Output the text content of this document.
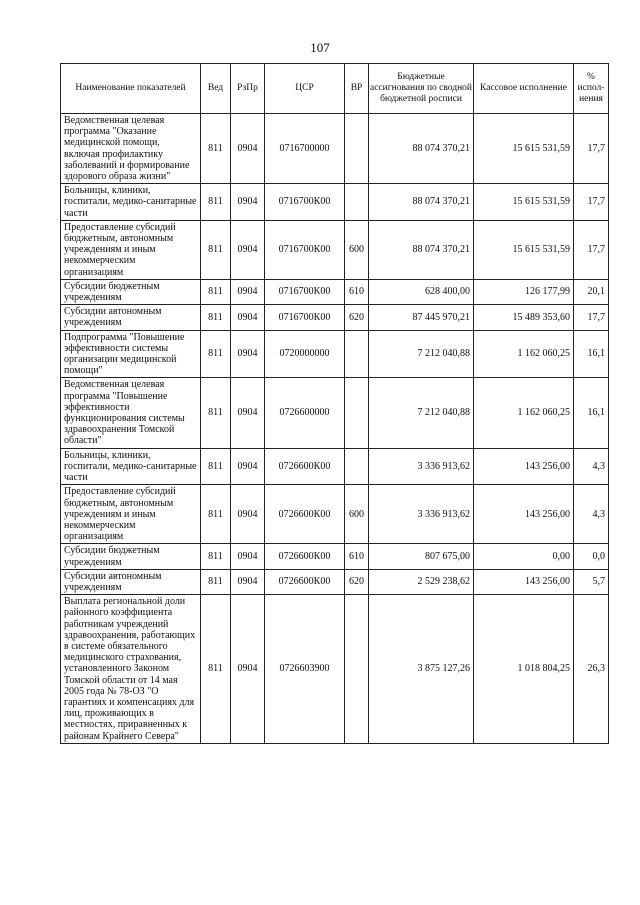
107
Наименование показателей	Вед	РзПр	ЦСР	ВР	Бюджетные ассигнования по сводной бюджетной росписи	Кассовое исполнение	% испол-нения
Ведомственная целевая программа "Оказание медицинской помощи, включая профилактику заболеваний и формирование здорового образа жизни"	811	0904	0716700000		88 074 370,21	15 615 531,59	17,7
Больницы, клиники, госпитали, медико-санитарные части	811	0904	0716700К00		88 074 370,21	15 615 531,59	17,7
Предоставление субсидий бюджетным, автономным учреждениям и иным некоммерческим организациям	811	0904	0716700К00	600	88 074 370,21	15 615 531,59	17,7
Субсидии бюджетным учреждениям	811	0904	0716700К00	610	628 400,00	126 177,99	20,1
Субсидии автономным учреждениям	811	0904	0716700К00	620	87 445 970,21	15 489 353,60	17,7
Подпрограмма "Повышение эффективности системы организации медицинской помощи"	811	0904	0720000000		7 212 040,88	1 162 060,25	16,1
Ведомственная целевая программа "Повышение эффективности функционирования системы здравоохранения Томской области"	811	0904	0726600000		7 212 040,88	1 162 060,25	16,1
Больницы, клиники, госпитали, медико-санитарные части	811	0904	0726600К00		3 336 913,62	143 256,00	4,3
Предоставление субсидий бюджетным, автономным учреждениям и иным некоммерческим организациям	811	0904	0726600К00	600	3 336 913,62	143 256,00	4,3
Субсидии бюджетным учреждениям	811	0904	0726600К00	610	807 675,00	0,00	0,0
Субсидии автономным учреждениям	811	0904	0726600К00	620	2 529 238,62	143 256,00	5,7
Выплата региональной доли районного коэффициента работникам учреждений здравоохранения, работающих в системе обязательного медицинского страхования, установленного Законом Томской области от 14 мая 2005 года № 78-ОЗ "О гарантиях и компенсациях для лиц, проживающих в местностях, приравненных к районам Крайнего Севера"	811	0904	0726603900		3 875 127,26	1 018 804,25	26,3
